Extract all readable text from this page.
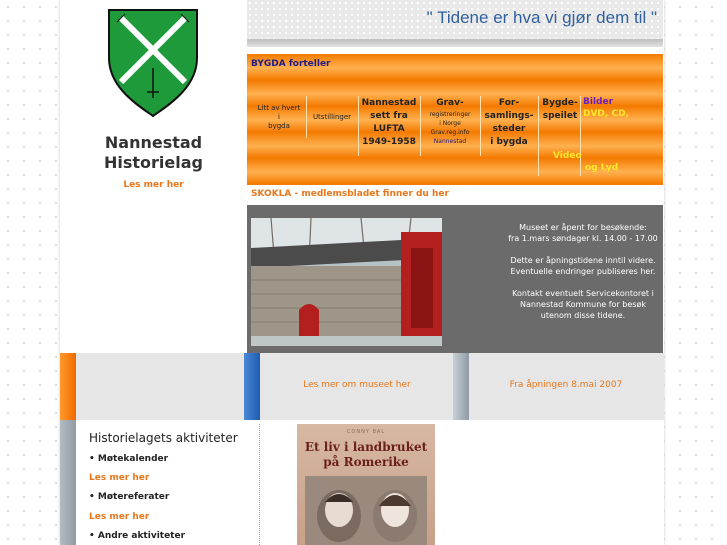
Nannestad
Historielag
Les mer her
" Tidene er hva vi gjør dem til "
BYGDA forteller
Litt av hvert
i
bygda
Utstillinger
Nannestad
sett fra
LUFTA
1949-1958
Grav-
registreringer
i Norge
Grav.reg.info
Nannestad
For-
samlings-
steder
i bygda
Bygde-
speilet
Bilder
DVD, CD,
Video
og Lyd
SKOKLA - medlemsbladet finner du her
Museet er åpent for besøkende:
fra 1.mars søndager kl. 14.00 - 17.00

Dette er åpningstidene inntil videre.
Eventuelle endringer publiseres her.
Kontakt eventuelt Servicekontoret i
Nannestad Kommune for besøk
utenom disse tidene.
Les mer om museet her	Fra åpningen 8.mai 2007
Historielagets aktiviteter
• Møtekalender
Les mer her
• Møtereferater
Les mer her
• Andre aktiviteter
CONNY BAL
Et liv i landbruket
på Romerike
